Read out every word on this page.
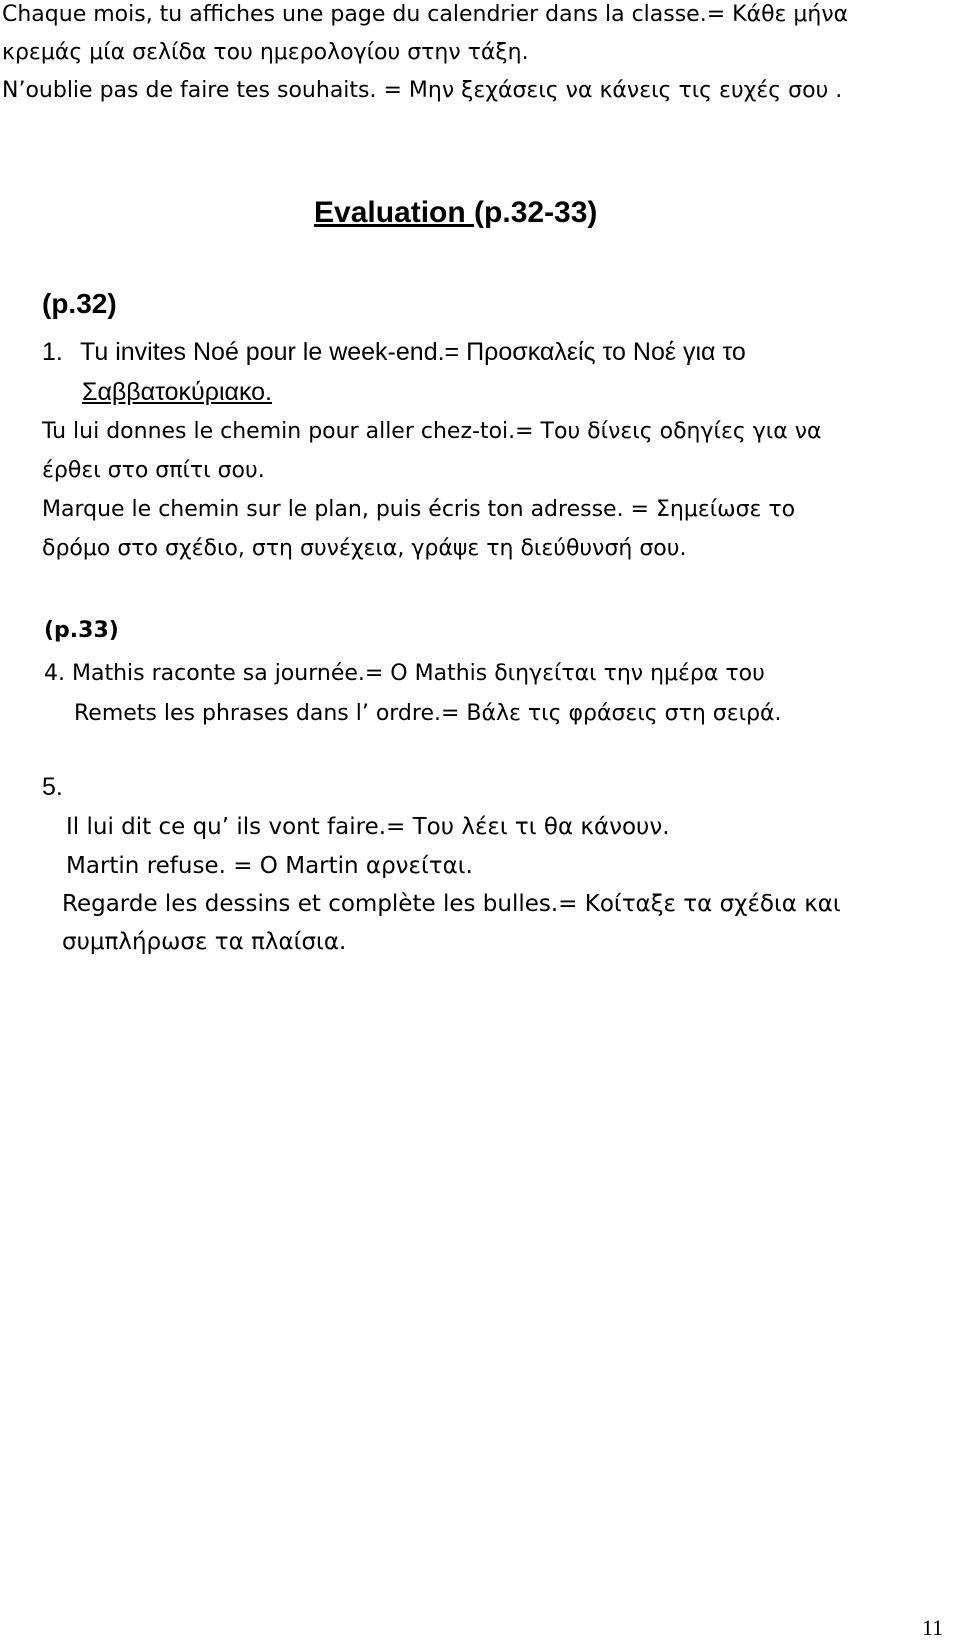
Chaque mois, tu affiches une page du calendrier dans la classe.= Κάθε μήνα
κρεμάς μία σελίδα του ημερολογίου στην τάξη.
N’oublie pas de faire tes souhaits. = Μην ξεχάσεις να κάνεις τις ευχές σου .
Evaluation (p.32-33)
(p.32)
1. Tu invites Noé pour le week-end.= Προσκαλείς το Νοέ για το
Σαββατοκύριακο.
Tu lui donnes le chemin pour aller chez-toi.= Του δίνεις οδηγίες για να
έρθει στο σπίτι σου.
Marque le chemin sur le plan, puis écris ton adresse. = Σημείωσε το
δρόμο στο σχέδιο, στη συνέχεια, γράψε τη διεύθυνσή σου.
(p.33)
4. Mathis raconte sa journée.= O Mathis διηγείται την ημέρα του
Remets les phrases dans l’ ordre.= Βάλε τις φράσεις στη σειρά.
5.
Il lui dit ce qu’ ils vont faire.= Του λέει τι θα κάνουν.
Martin refuse. = O Martin αρνείται.
Regarde les dessins et complète les bulles.= Κοίταξε τα σχέδια και
συμπλήρωσε τα πλαίσια.
11
